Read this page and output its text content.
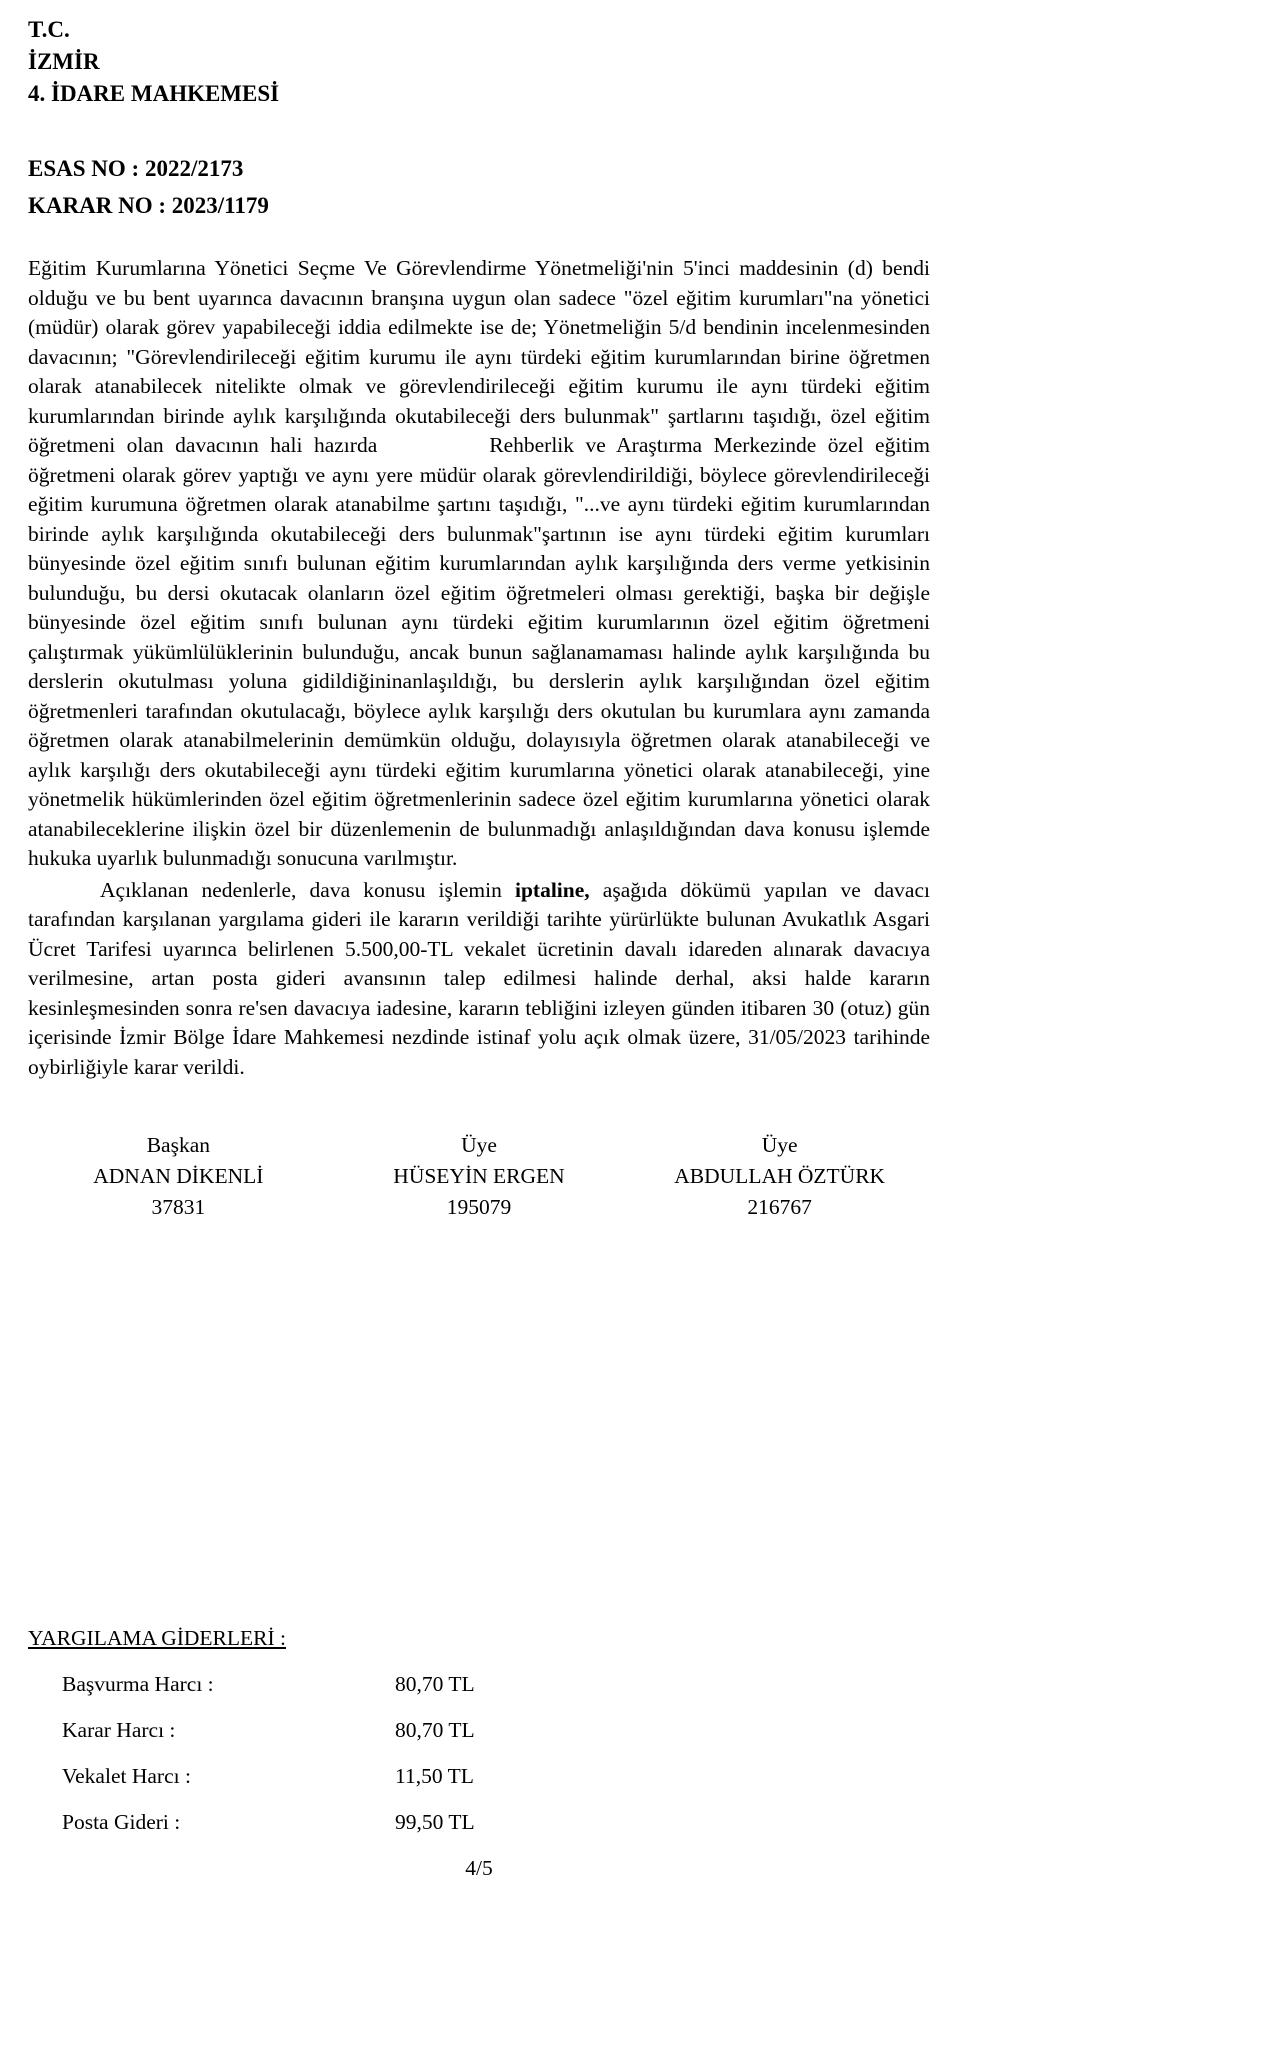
T.C.
İZMİR
4. İDARE MAHKEMESİ
ESAS NO : 2022/2173
KARAR NO : 2023/1179

Eğitim Kurumlarına Yönetici Seçme Ve Görevlendirme Yönetmeliği'nin 5'inci maddesinin (d) bendi olduğu ve bu bent uyarınca davacının branşına uygun olan sadece "özel eğitim kurumları"na yönetici (müdür) olarak görev yapabileceği iddia edilmekte ise de; Yönetmeliğin 5/d bendinin incelenmesinden davacının; "Görevlendirileceği eğitim kurumu ile aynı türdeki eğitim kurumlarından birine öğretmen olarak atanabilecek nitelikte olmak ve görevlendirileceği eğitim kurumu ile aynı türdeki eğitim kurumlarından birinde aylık karşılığında okutabileceği ders bulunmak" şartlarını taşıdığı, özel eğitim öğretmeni olan davacının hali hazırda	Rehberlik ve Araştırma Merkezinde özel eğitim öğretmeni olarak görev yaptığı ve aynı yere müdür olarak görevlendirildiği, böylece görevlendirileceği eğitim kurumuna öğretmen olarak atanabilme şartını taşıdığı, "...ve aynı türdeki eğitim kurumlarından birinde aylık karşılığında okutabileceği ders bulunmak"şartının ise aynı türdeki eğitim kurumları bünyesinde özel eğitim sınıfı bulunan eğitim kurumlarından aylık karşılığında ders verme yetkisinin bulunduğu, bu dersi okutacak olanların özel eğitim öğretmeleri olması gerektiği, başka bir değişle bünyesinde özel eğitim sınıfı bulunan aynı türdeki eğitim kurumlarının özel eğitim öğretmeni çalıştırmak yükümlülüklerinin bulunduğu, ancak bunun sağlanamaması halinde aylık karşılığında bu derslerin okutulması yoluna gidildiğininanlaşıldığı, bu derslerin aylık karşılığından özel eğitim öğretmenleri tarafından okutulacağı, böylece aylık karşılığı ders okutulan bu kurumlara aynı zamanda öğretmen olarak atanabilmelerinin demümkün olduğu, dolayısıyla öğretmen olarak atanabileceği ve aylık karşılığı ders okutabileceği aynı türdeki eğitim kurumlarına yönetici olarak atanabileceği, yine yönetmelik hükümlerinden özel eğitim öğretmenlerinin sadece özel eğitim kurumlarına yönetici olarak atanabileceklerine ilişkin özel bir düzenlemenin de bulunmadığı anlaşıldığından dava konusu işlemde hukuka uyarlık bulunmadığı sonucuna varılmıştır.

Açıklanan nedenlerle, dava konusu işlemin iptaline, aşağıda dökümü yapılan ve davacı tarafından karşılanan yargılama gideri ile kararın verildiği tarihte yürürlükte bulunan Avukatlık Asgari Ücret Tarifesi uyarınca belirlenen 5.500,00-TL vekalet ücretinin davalı idareden alınarak davacıya verilmesine, artan posta gideri avansının talep edilmesi halinde derhal, aksi halde kararın kesinleşmesinden sonra re'sen davacıya iadesine, kararın tebliğini izleyen günden itibaren 30 (otuz) gün içerisinde İzmir Bölge İdare Mahkemesi nezdinde istinaf yolu açık olmak üzere, 31/05/2023 tarihinde oybirliğiyle karar verildi.

Başkan
ADNAN DİKENLİ
37831
Üye
HÜSEYİN ERGEN
195079
Üye
ABDULLAH ÖZTÜRK
216767
YARGILAMA GİDERLERİ :
Başvurma Harcı :	80,70 TL
Karar Harcı :	80,70 TL
Vekalet Harcı :	11,50 TL
Posta Gideri :	99,50 TL
4/5
